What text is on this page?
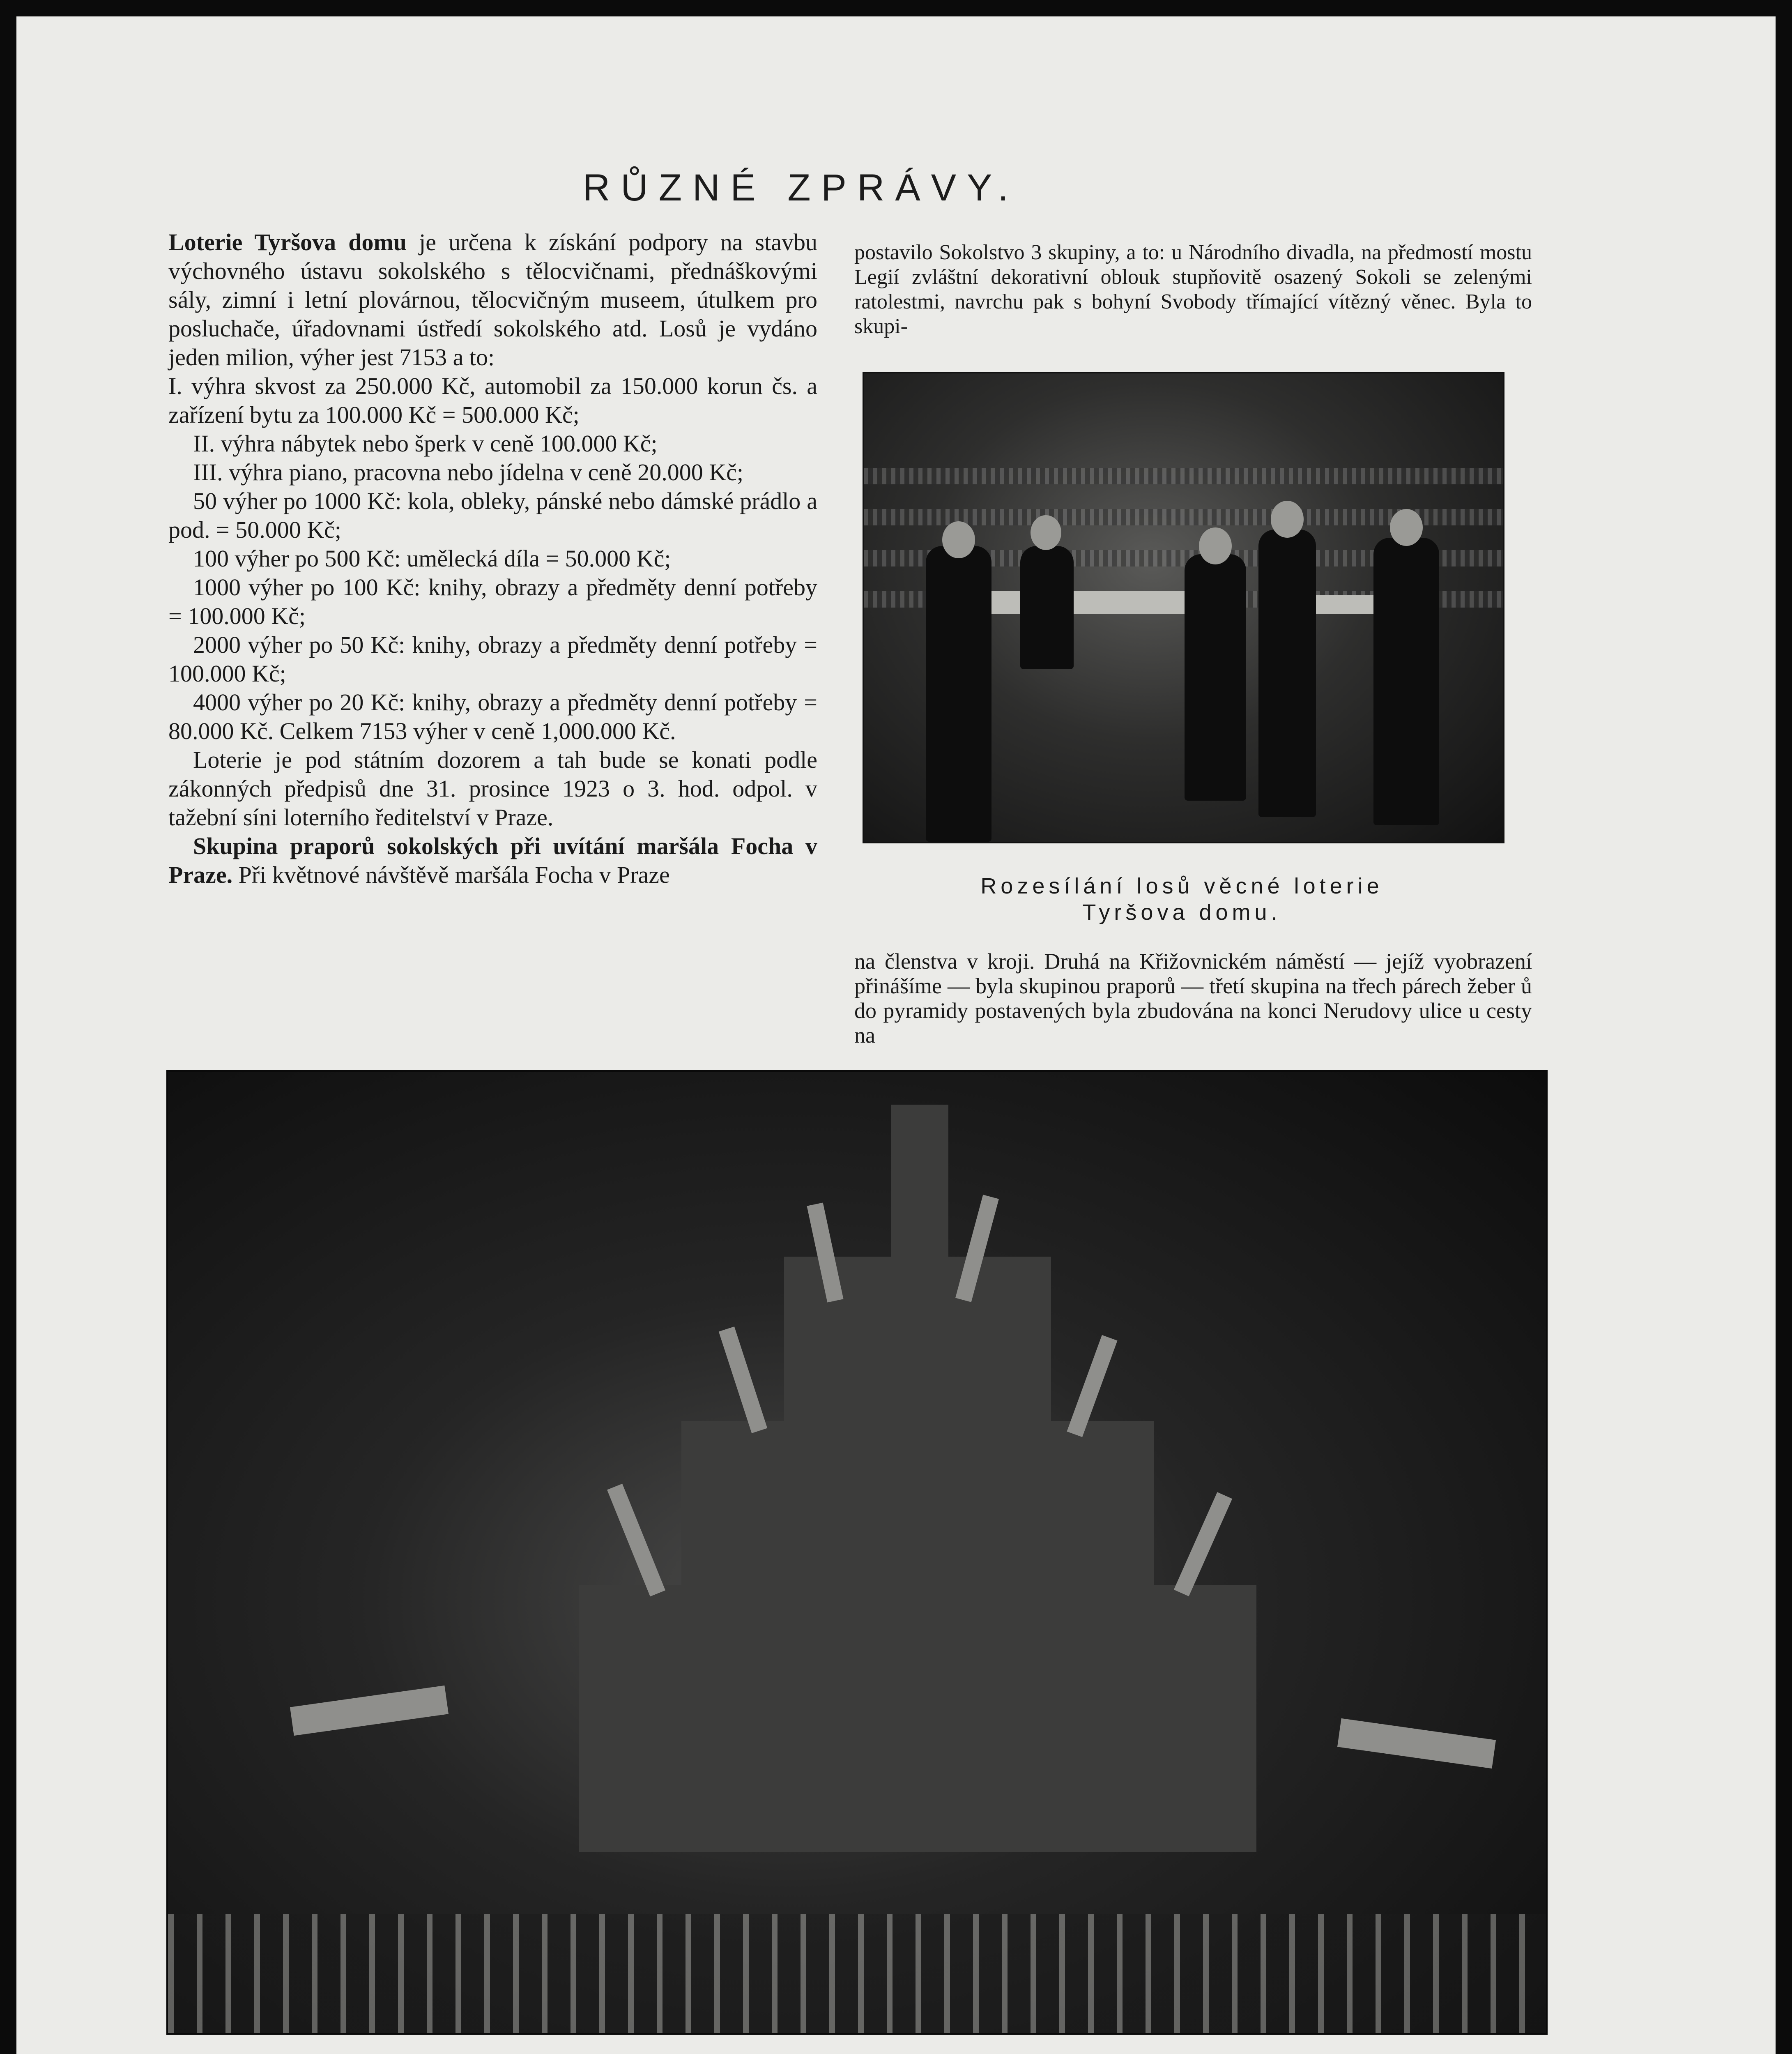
RŮZNÉ ZPRÁVY.

Loterie Tyršova domu je určena k získání podpory na stavbu výchovného ústavu sokolského s tělocvičnami, přednáškovými sály, zimní i letní plovárnou, tělocvičným museem, útulkem pro posluchače, úřadovnami ústředí sokolského atd. Losů je vydáno jeden milion, výher jest 7153 a to:

I. výhra skvost za 250.000 Kč, automobil za 150.000 korun čs. a zařízení bytu za 100.000 Kč = 500.000 Kč;

II. výhra nábytek nebo šperk v ceně 100.000 Kč;

III. výhra piano, pracovna nebo jídelna v ceně 20.000 Kč;

50 výher po 1000 Kč: kola, obleky, pánské nebo dámské prádlo a pod. = 50.000 Kč;

100 výher po 500 Kč: umělecká díla = 50.000 Kč;

1000 výher po 100 Kč: knihy, obrazy a předměty denní potřeby = 100.000 Kč;

2000 výher po 50 Kč: knihy, obrazy a předměty denní potřeby = 100.000 Kč;

4000 výher po 20 Kč: knihy, obrazy a předměty denní potřeby = 80.000 Kč. Celkem 7153 výher v ceně 1,000.000 Kč.

Loterie je pod státním dozorem a tah bude se konati podle zákonných předpisů dne 31. prosince 1923 o 3. hod. odpol. v tažební síni loterního ředitelství v Praze.

Skupina praporů sokolských při uvítání maršála Focha v Praze. Při květnové návštěvě maršála Focha v Praze

postavilo Sokolstvo 3 skupiny, a to: u Národního divadla, na předmostí mostu Legií zvláštní dekorativní oblouk stupňovitě osazený Sokoli se zelenými ratolestmi, navrchu pak s bohyní Svobody třímající vítězný věnec. Byla to skupi-

Rozesílání losů věcné loterie
Tyršova domu.

na členstva v kroji. Druhá na Křižovnickém náměstí — jejíž vyobrazení přinášíme — byla skupinou praporů — třetí skupina na třech párech žeber ů do pyramidy postavených byla zbudována na konci Nerudovy ulice u cesty na
